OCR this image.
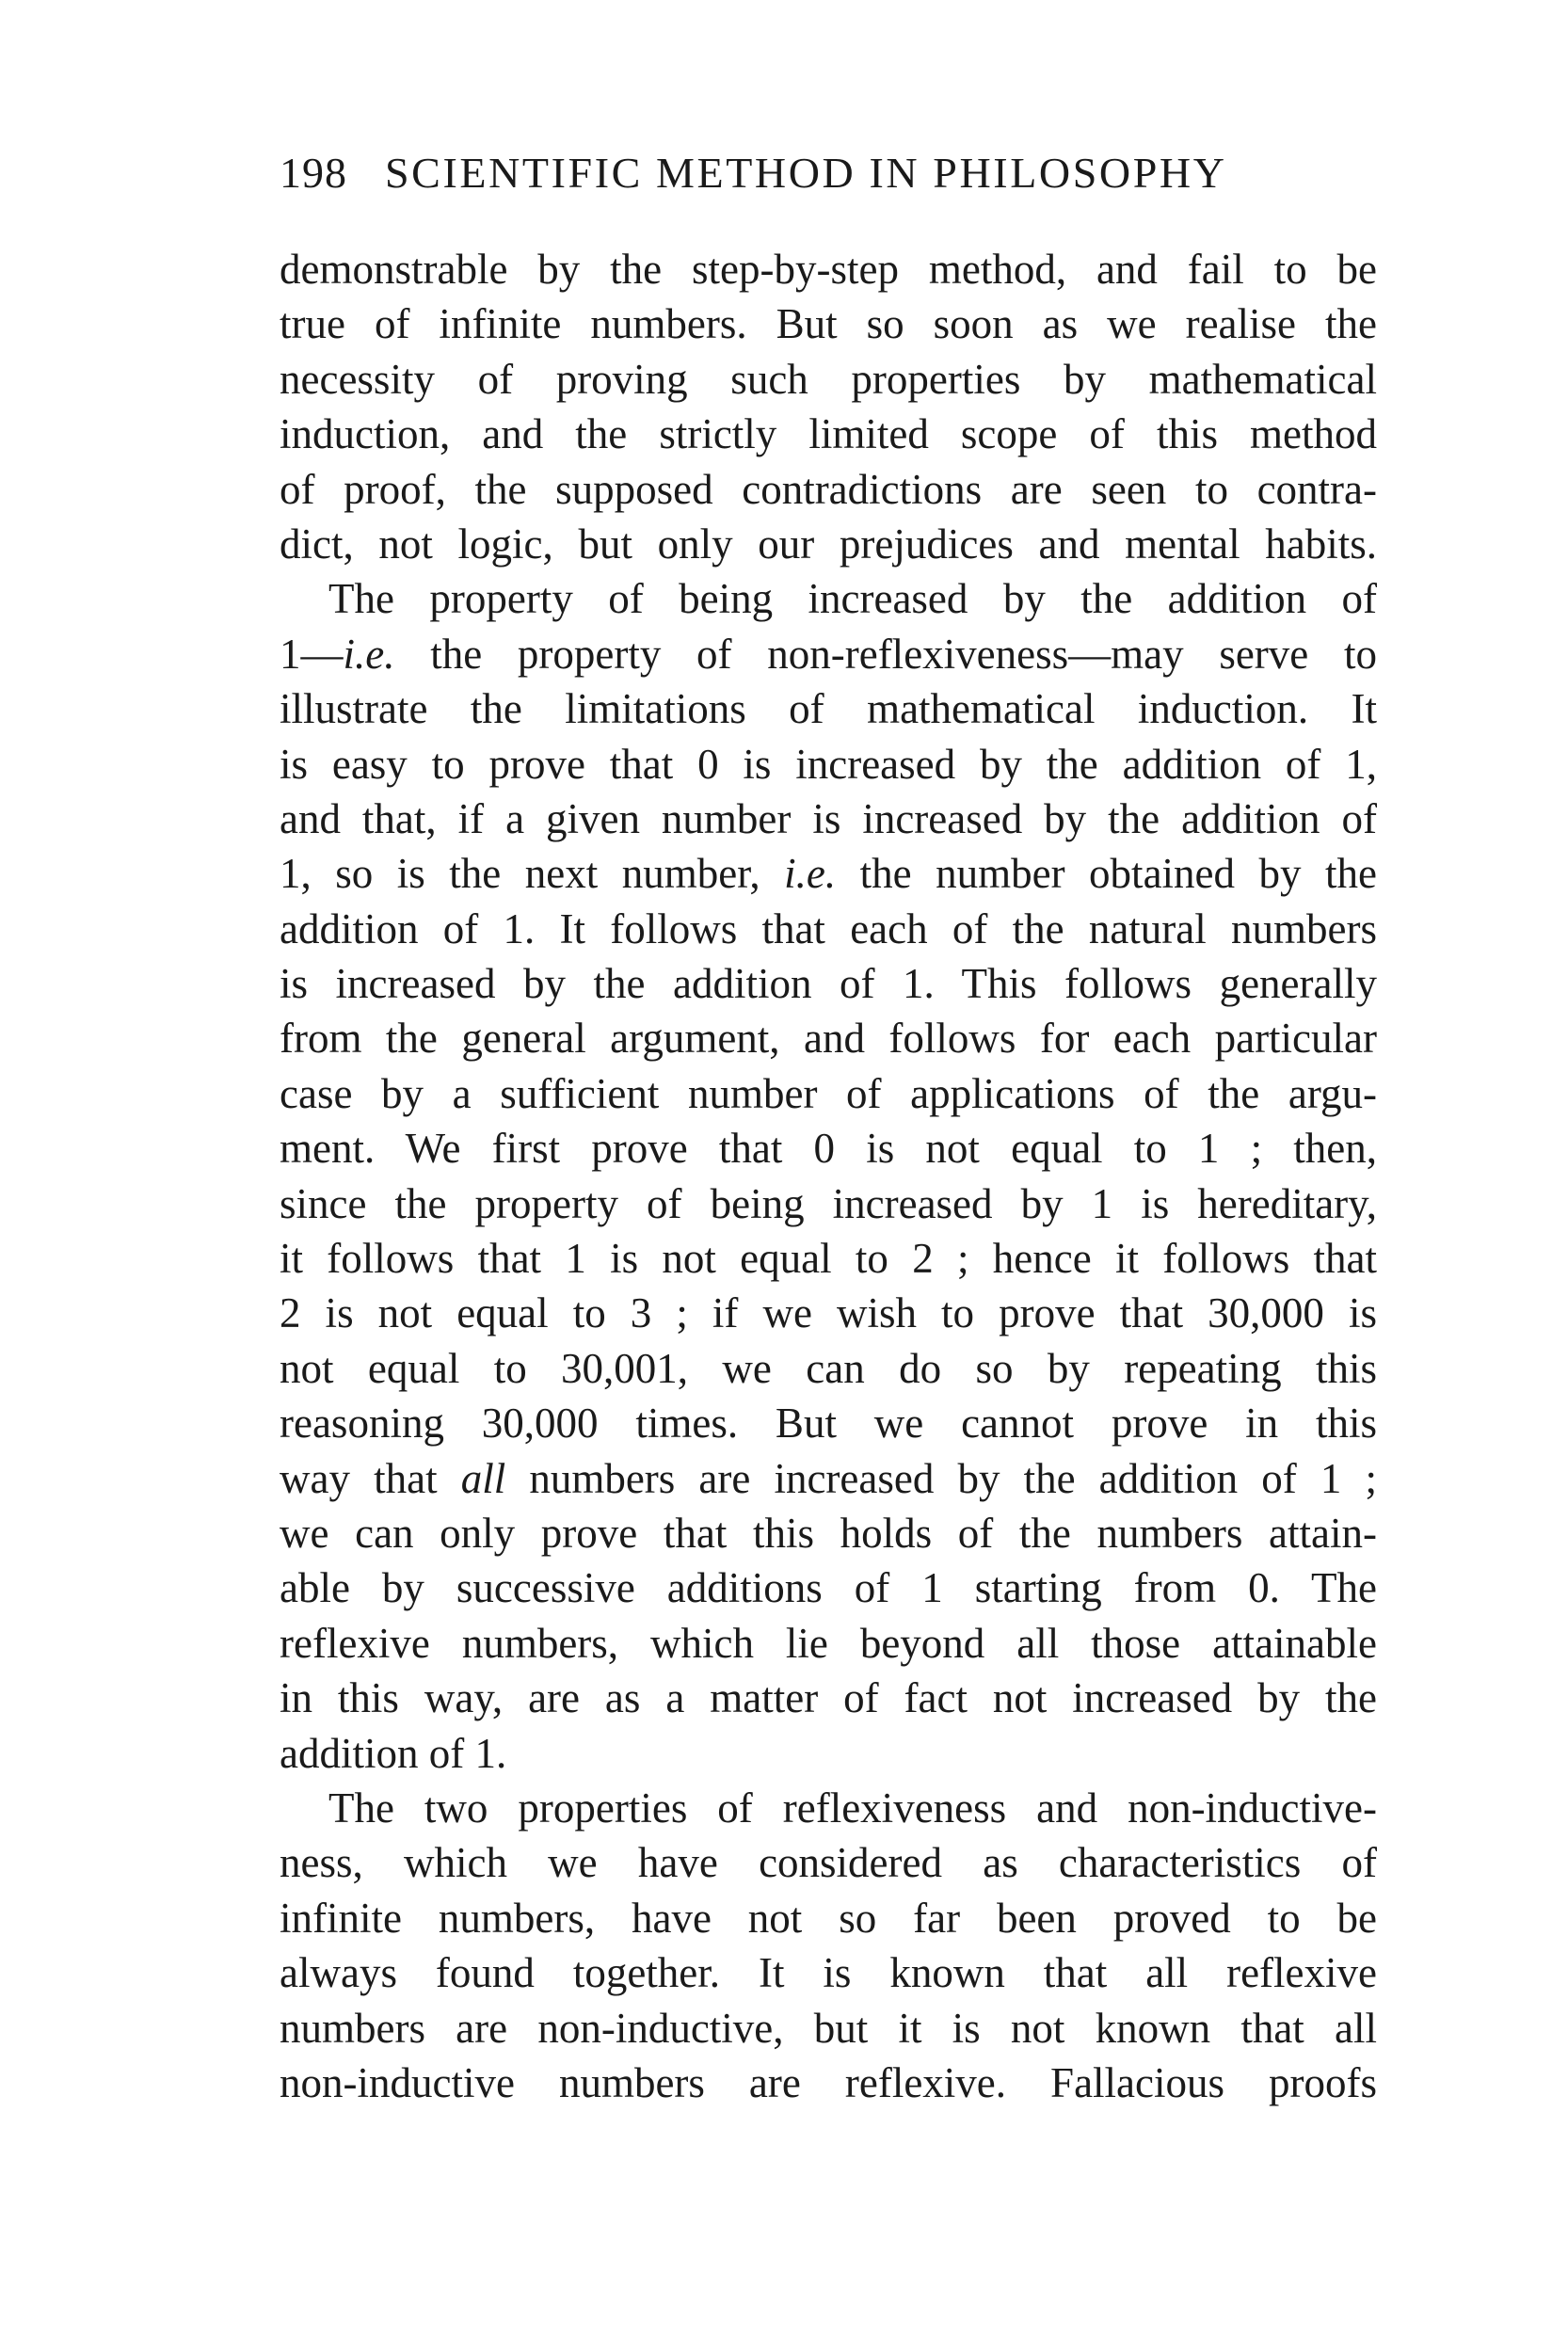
198 SCIENTIFIC METHOD IN PHILOSOPHY
demonstrable by the step-by-step method, and fail to be
true of infinite numbers. But so soon as we realise the
necessity of proving such properties by mathematical
induction, and the strictly limited scope of this method
of proof, the supposed contradictions are seen to contra-
dict, not logic, but only our prejudices and mental habits.
The property of being increased by the addition of
1—i.e. the property of non-reflexiveness—may serve to
illustrate the limitations of mathematical induction. It
is easy to prove that 0 is increased by the addition of 1,
and that, if a given number is increased by the addition of
1, so is the next number, i.e. the number obtained by the
addition of 1. It follows that each of the natural numbers
is increased by the addition of 1. This follows generally
from the general argument, and follows for each particular
case by a sufficient number of applications of the argu-
ment. We first prove that 0 is not equal to 1 ; then,
since the property of being increased by 1 is hereditary,
it follows that 1 is not equal to 2 ; hence it follows that
2 is not equal to 3 ; if we wish to prove that 30,000 is
not equal to 30,001, we can do so by repeating this
reasoning 30,000 times. But we cannot prove in this
way that all numbers are increased by the addition of 1 ;
we can only prove that this holds of the numbers attain-
able by successive additions of 1 starting from 0. The
reflexive numbers, which lie beyond all those attainable
in this way, are as a matter of fact not increased by the
addition of 1.
The two properties of reflexiveness and non-inductive-
ness, which we have considered as characteristics of
infinite numbers, have not so far been proved to be
always found together. It is known that all reflexive
numbers are non-inductive, but it is not known that all
non-inductive numbers are reflexive. Fallacious proofs
